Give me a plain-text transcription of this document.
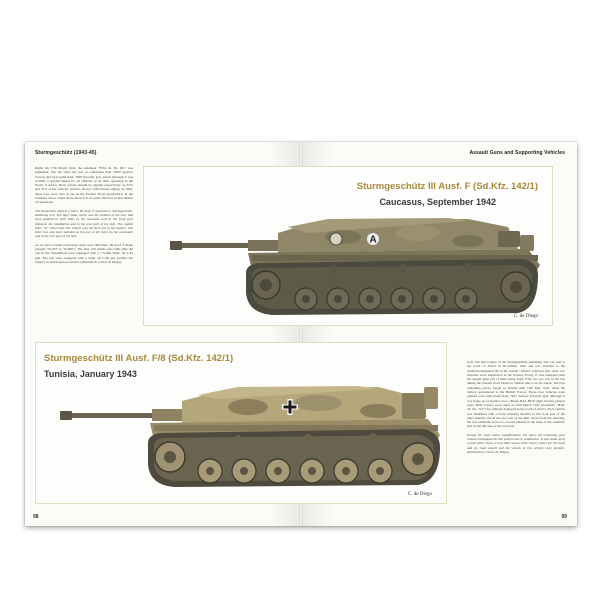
Sturmgeschütz (1943-45)

Right. On 17th March 1941, the statement "H.M. 41, Nr. 281" was published; this list ruled the use of Gelbbraun RAL 8020 (yellow brown) and Grau-grün RAL 7008 (broadly grey green although it was actually a greyish khaki) for all vehicles of all units operating in the North of Africa. Both colours should be applied respectively on 67% and 33% of the vehicles' surface, always with blurred edging. In 1942, these base were also in use in the Eastern Front (particularly in the Southern sector where there showed to be quite effective in that theater of operations.

The illustration depicts a StuG. III Ausf. F attached to Sturmgeschütz-Abteilung 210. The tiger head, which was the emblem of the unit, had been painted in both sides of the casemate and in the front part (between the headlights) and in the rear part of the hull. The capital letter "A" shows that this vehicle was the first one in the battery. The letter has also been labelled as the gun to the right (in the casemate) and in the rear part of the hull.

As we have written previously, there were 366 StuG. III Ausf. F made (chassis "91193" to "91400"). The first 120 which were built (like the one in the illustration) were equipped with a 7.5-mm StuK. 40 L/43 gun. The rest were equipped with a StuK. 40 L/48 gun (calibre but longer), so much more powerful. (Illustration: Carlos de Diego)

98
Assault Guns and Supporting Vehicles

Left. The first battery of the Sturmgeschütz-Abteilung 242 was sent to the north of Africa in November 1942 and was attached to the Artillerie-Regiment 90 of 90. leichte "Afrika" Division (the other two batteries were transferred to the Eastern Front). It was equipped with six assault guns (all of them being Ausf. F/8); two got lost in the Sea during the transfer from Sicilia to Tunisia due to an air attack. The four remaining pieces fought in Tunisia until 13th May 1943, when the battery surrendered to the British Forces. These four vehicles were painted over Gelb-braun RAL 7027 Stuckes (broadly grey although it was beige good applied over a Braun RAL 8020 (light brown) general layer. Both colours were ruled on 25th March 1942 (statement "H.M. 42, No. 315") for vehicles deployed in the north of Africa. Each vehicle was identified with a black lettering labelled in the front part of the gun's mantlet and in the rear part of the hull. Apart from the lettering, the sole emblems were two crosses painted in the sides of the casemate and on the left side of the rear hull.

Except for some minor modifications, the StuG. III remaining gear remain unchanged till this vehicle was in production. It was made up of a front drive wheel, a rear idler wheel, three return rollers for the track and six road wheels (all the wheels in this vehicle were double). (Illustration: Carlos de Diego)

99
Sturmgeschütz III Ausf. F (Sd.Kfz. 142/1)
Caucasus, September 1942
A
C. de Diego
Sturmgeschütz III Ausf. F/8 (Sd.Kfz. 142/1)
Tunisia, January 1943
C. de Diego
